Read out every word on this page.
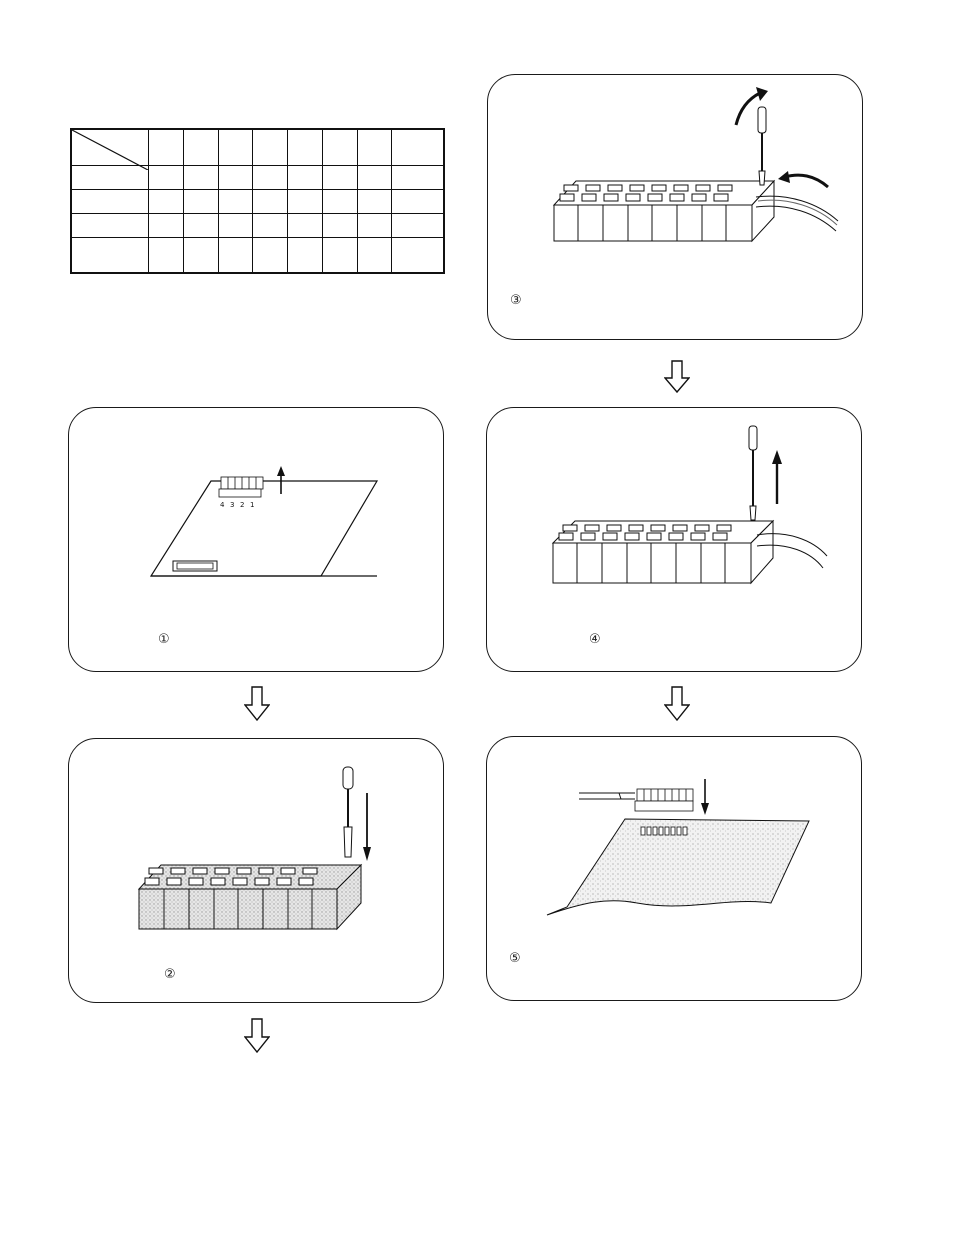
③
4 3 2 1
①	④
②
⑤
